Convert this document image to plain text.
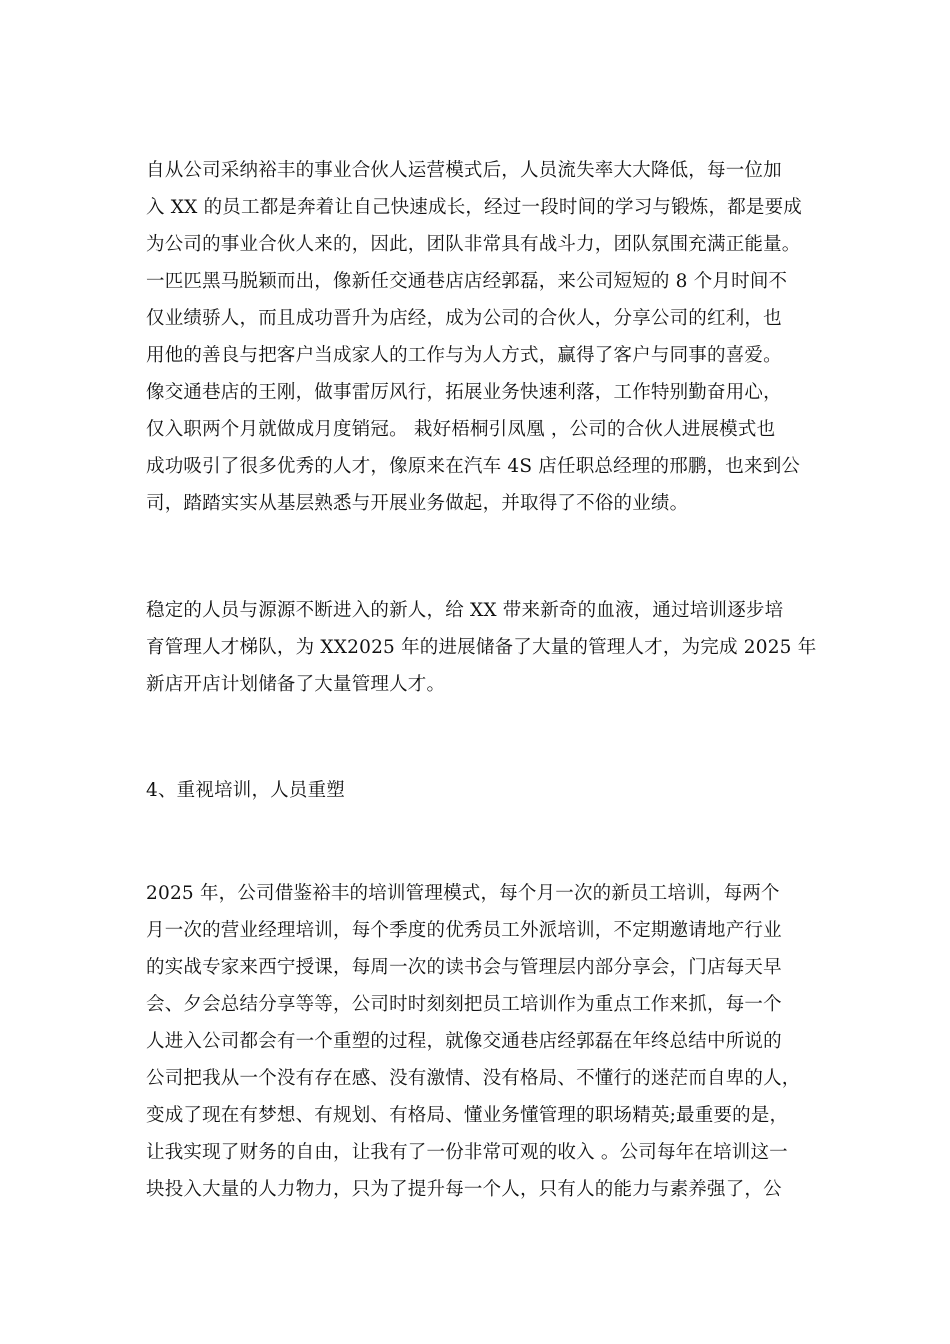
自从公司采纳裕丰的事业合伙人运营模式后，人员流失率大大降低，每一位加
入 XX 的员工都是奔着让自己快速成长，经过一段时间的学习与锻炼，都是要成
为公司的事业合伙人来的，因此，团队非常具有战斗力，团队氛围充满正能量。
一匹匹黑马脱颖而出，像新任交通巷店店经郭磊，来公司短短的 8 个月时间不
仅业绩骄人，而且成功晋升为店经，成为公司的合伙人，分享公司的红利，也
用他的善良与把客户当成家人的工作与为人方式，赢得了客户与同事的喜爱。
像交通巷店的王刚，做事雷厉风行，拓展业务快速利落，工作特别勤奋用心，
仅入职两个月就做成月度销冠。 栽好梧桐引凤凰 ，公司的合伙人进展模式也
成功吸引了很多优秀的人才，像原来在汽车 4S 店任职总经理的邢鹏，也来到公
司，踏踏实实从基层熟悉与开展业务做起，并取得了不俗的业绩。
稳定的人员与源源不断进入的新人，给 XX 带来新奇的血液，通过培训逐步培
育管理人才梯队，为 XX2025 年的进展储备了大量的管理人才，为完成 2025 年
新店开店计划储备了大量管理人才。
4、重视培训，人员重塑
2025 年，公司借鉴裕丰的培训管理模式，每个月一次的新员工培训，每两个
月一次的营业经理培训，每个季度的优秀员工外派培训，不定期邀请地产行业
的实战专家来西宁授课，每周一次的读书会与管理层内部分享会，门店每天早
会、夕会总结分享等等，公司时时刻刻把员工培训作为重点工作来抓，每一个
人进入公司都会有一个重塑的过程，就像交通巷店经郭磊在年终总结中所说的
公司把我从一个没有存在感、没有激情、没有格局、不懂行的迷茫而自卑的人，
变成了现在有梦想、有规划、有格局、懂业务懂管理的职场精英;最重要的是，
让我实现了财务的自由，让我有了一份非常可观的收入 。公司每年在培训这一
块投入大量的人力物力，只为了提升每一个人，只有人的能力与素养强了，公
